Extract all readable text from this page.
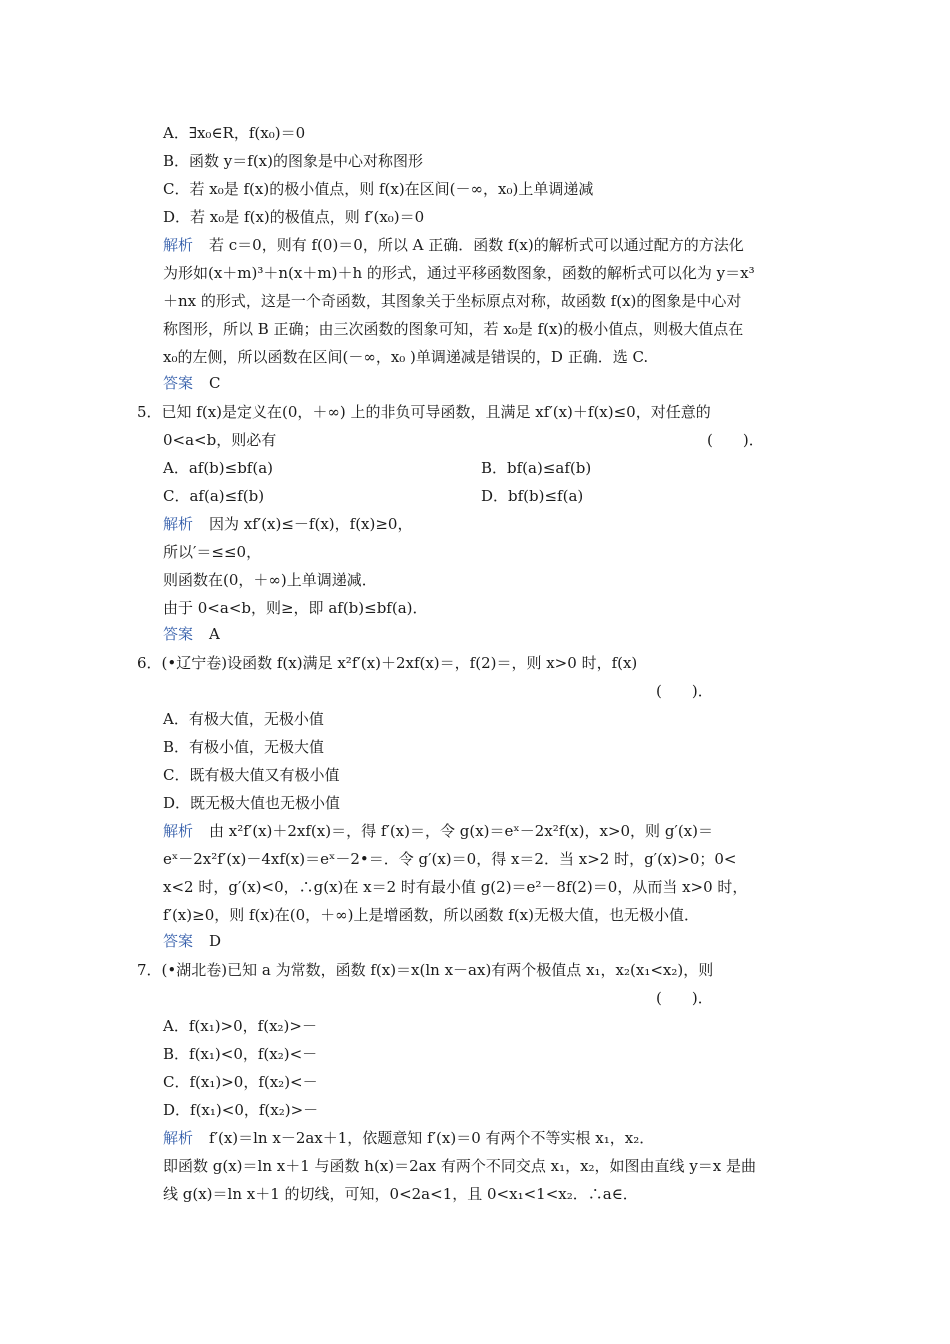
A．∃x₀∈R，f(x₀)＝0
B．函数 y＝f(x)的图象是中心对称图形
C．若 x₀是 f(x)的极小值点，则 f(x)在区间(－∞，x₀)上单调递减
D．若 x₀是 f(x)的极值点，则 f′(x₀)＝0
解析 若 c＝0，则有 f(0)＝0，所以 A 正确．函数 f(x)的解析式可以通过配方的方法化
为形如(x＋m)³＋n(x＋m)＋h 的形式，通过平移函数图象，函数的解析式可以化为 y＝x³
＋nx 的形式，这是一个奇函数，其图象关于坐标原点对称，故函数 f(x)的图象是中心对
称图形，所以 B 正确；由三次函数的图象可知，若 x₀是 f(x)的极小值点，则极大值点在
x₀的左侧，所以函数在区间(－∞，x₀ )单调递减是错误的，D 正确．选 C.
答案 C
5．已知 f(x)是定义在(0，＋∞) 上的非负可导函数，且满足 xf′(x)＋f(x)≤0，对任意的
0<a<b，则必有	(　　)．
A．af(b)≤bf(a)	B．bf(a)≤af(b)
C．af(a)≤f(b)	D．bf(b)≤f(a)
解析 因为 xf′(x)≤－f(x)，f(x)≥0，
所以′＝≤≤0，
则函数在(0，＋∞)上单调递减．
由于 0<a<b，则≥，即 af(b)≤bf(a)．
答案 A
6．(•辽宁卷)设函数 f(x)满足 x²f′(x)＋2xf(x)＝，f(2)＝，则 x>0 时，f(x)
(　　)．
A．有极大值，无极小值
B．有极小值，无极大值
C．既有极大值又有极小值
D．既无极大值也无极小值
解析 由 x²f′(x)＋2xf(x)＝，得 f′(x)＝，令 g(x)＝eˣ－2x²f(x)，x>0，则 g′(x)＝
eˣ－2x²f′(x)－4xf(x)＝eˣ－2•＝．令 g′(x)＝0，得 x＝2．当 x>2 时，g′(x)>0；0<
x<2 时，g′(x)<0，∴g(x)在 x＝2 时有最小值 g(2)＝e²－8f(2)＝0，从而当 x>0 时，
f′(x)≥0，则 f(x)在(0，＋∞)上是增函数，所以函数 f(x)无极大值，也无极小值．
答案 D
7．(•湖北卷)已知 a 为常数，函数 f(x)＝x(ln x－ax)有两个极值点 x₁，x₂(x₁<x₂)，则
(　　)．
A．f(x₁)>0，f(x₂)>－
B．f(x₁)<0，f(x₂)<－
C．f(x₁)>0，f(x₂)<－
D．f(x₁)<0，f(x₂)>－
解析 f′(x)＝ln x－2ax＋1，依题意知 f′(x)＝0 有两个不等实根 x₁，x₂．
即函数 g(x)＝ln x＋1 与函数 h(x)＝2ax 有两个不同交点 x₁，x₂，如图由直线 y＝x 是曲
线 g(x)＝ln x＋1 的切线，可知，0<2a<1，且 0<x₁<1<x₂．∴a∈．
